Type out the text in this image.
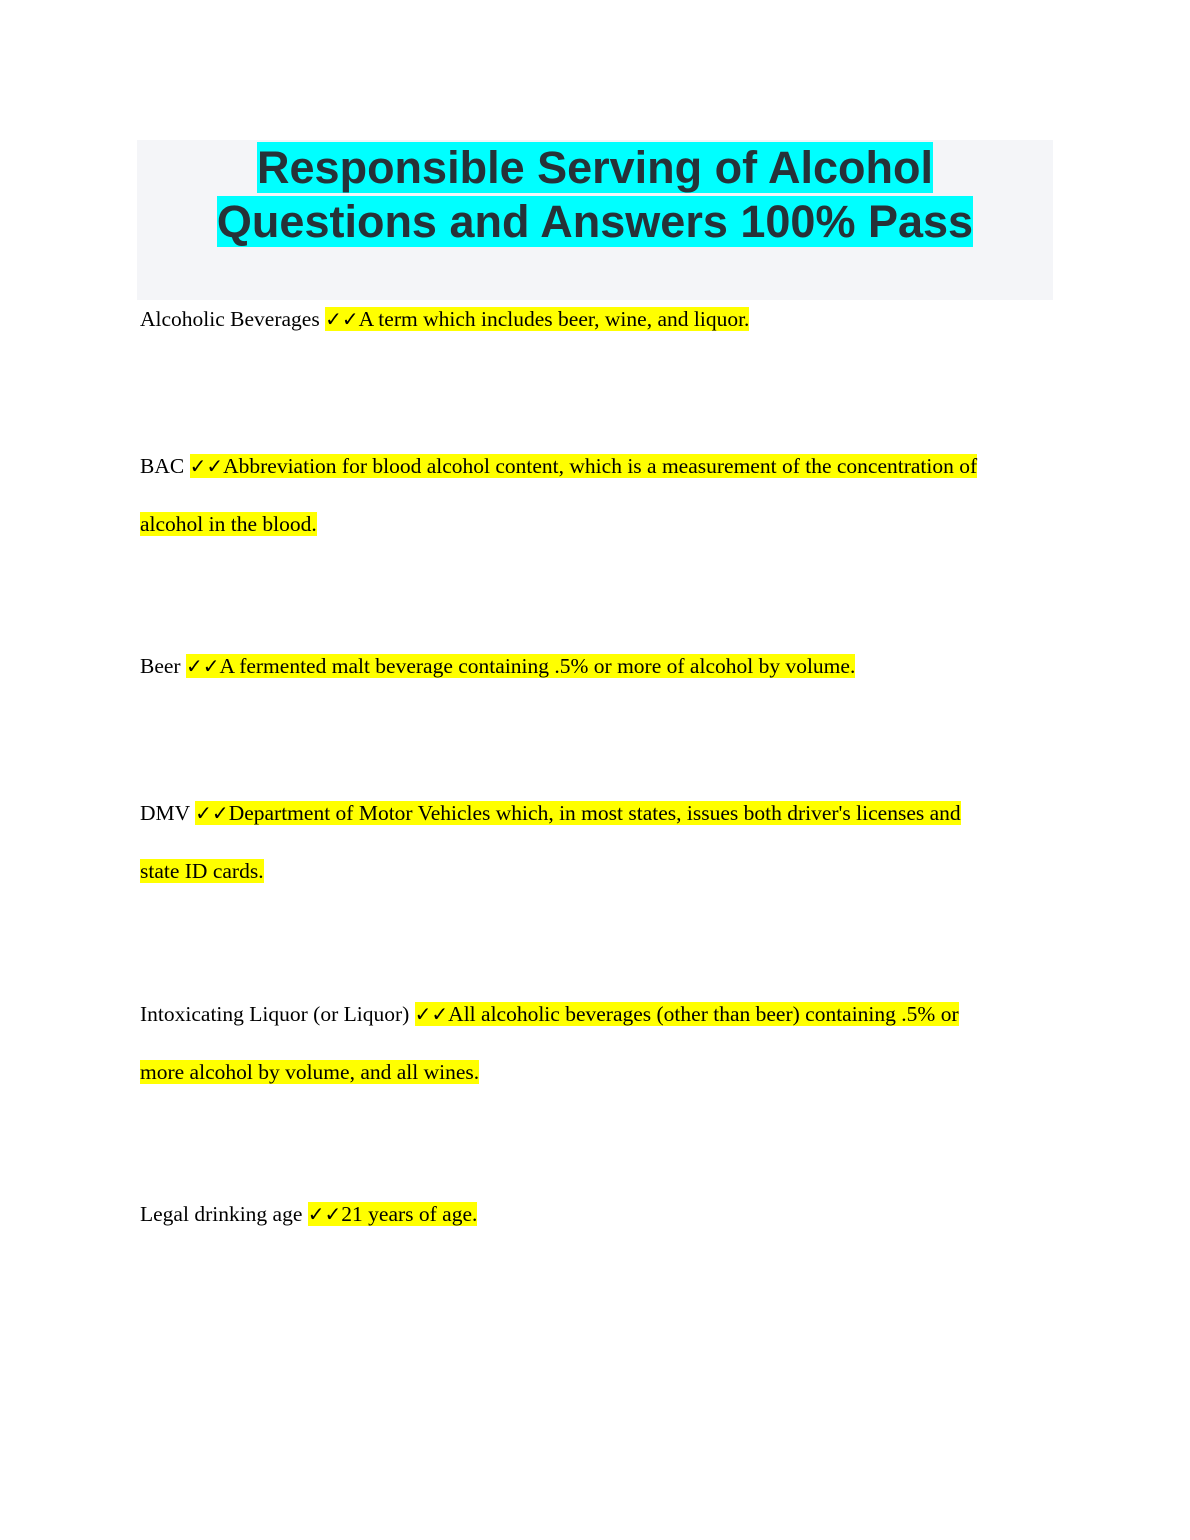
Responsible Serving of Alcohol
Questions and Answers 100% Pass

Alcoholic Beverages ✓✓A term which includes beer, wine, and liquor.

BAC ✓✓Abbreviation for blood alcohol content, which is a measurement of the concentration of
alcohol in the blood.

Beer ✓✓A fermented malt beverage containing .5% or more of alcohol by volume.

DMV ✓✓Department of Motor Vehicles which, in most states, issues both driver's licenses and
state ID cards.

Intoxicating Liquor (or Liquor) ✓✓All alcoholic beverages (other than beer) containing .5% or
more alcohol by volume, and all wines.

Legal drinking age ✓✓21 years of age.
